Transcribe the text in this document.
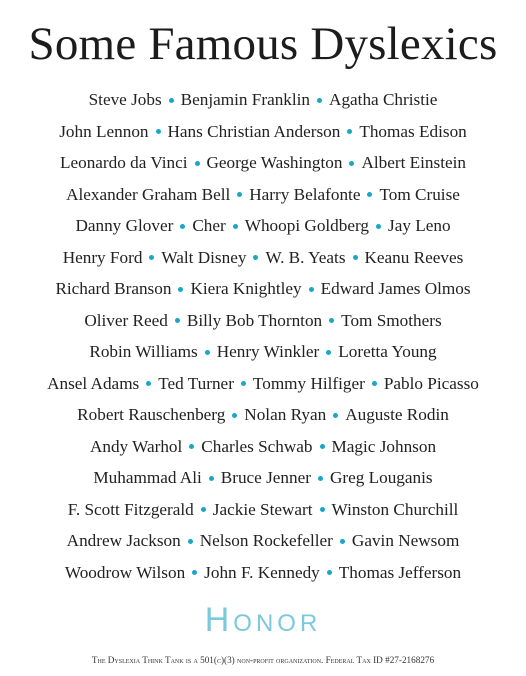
Some Famous Dyslexics
Steve Jobs Benjamin Franklin Agatha Christie
John Lennon Hans Christian Anderson Thomas Edison
Leonardo da Vinci George Washington Albert Einstein
Alexander Graham Bell Harry Belafonte Tom Cruise
Danny Glover Cher Whoopi Goldberg Jay Leno
Henry Ford Walt Disney W. B. Yeats Keanu Reeves
Richard Branson Kiera Knightley Edward James Olmos
Oliver Reed Billy Bob Thornton Tom Smothers
Robin Williams Henry Winkler Loretta Young
Ansel Adams Ted Turner Tommy Hilfiger Pablo Picasso
Robert Rauschenberg Nolan Ryan Auguste Rodin
Andy Warhol Charles Schwab Magic Johnson
Muhammad Ali Bruce Jenner Greg Louganis
F. Scott Fitzgerald Jackie Stewart Winston Churchill
Andrew Jackson Nelson Rockefeller Gavin Newsom
Woodrow Wilson John F. Kennedy Thomas Jefferson
Honor
The Dyslexia Think Tank is a 501(c)(3) non-profit organization. Federal Tax ID #27-2168276
